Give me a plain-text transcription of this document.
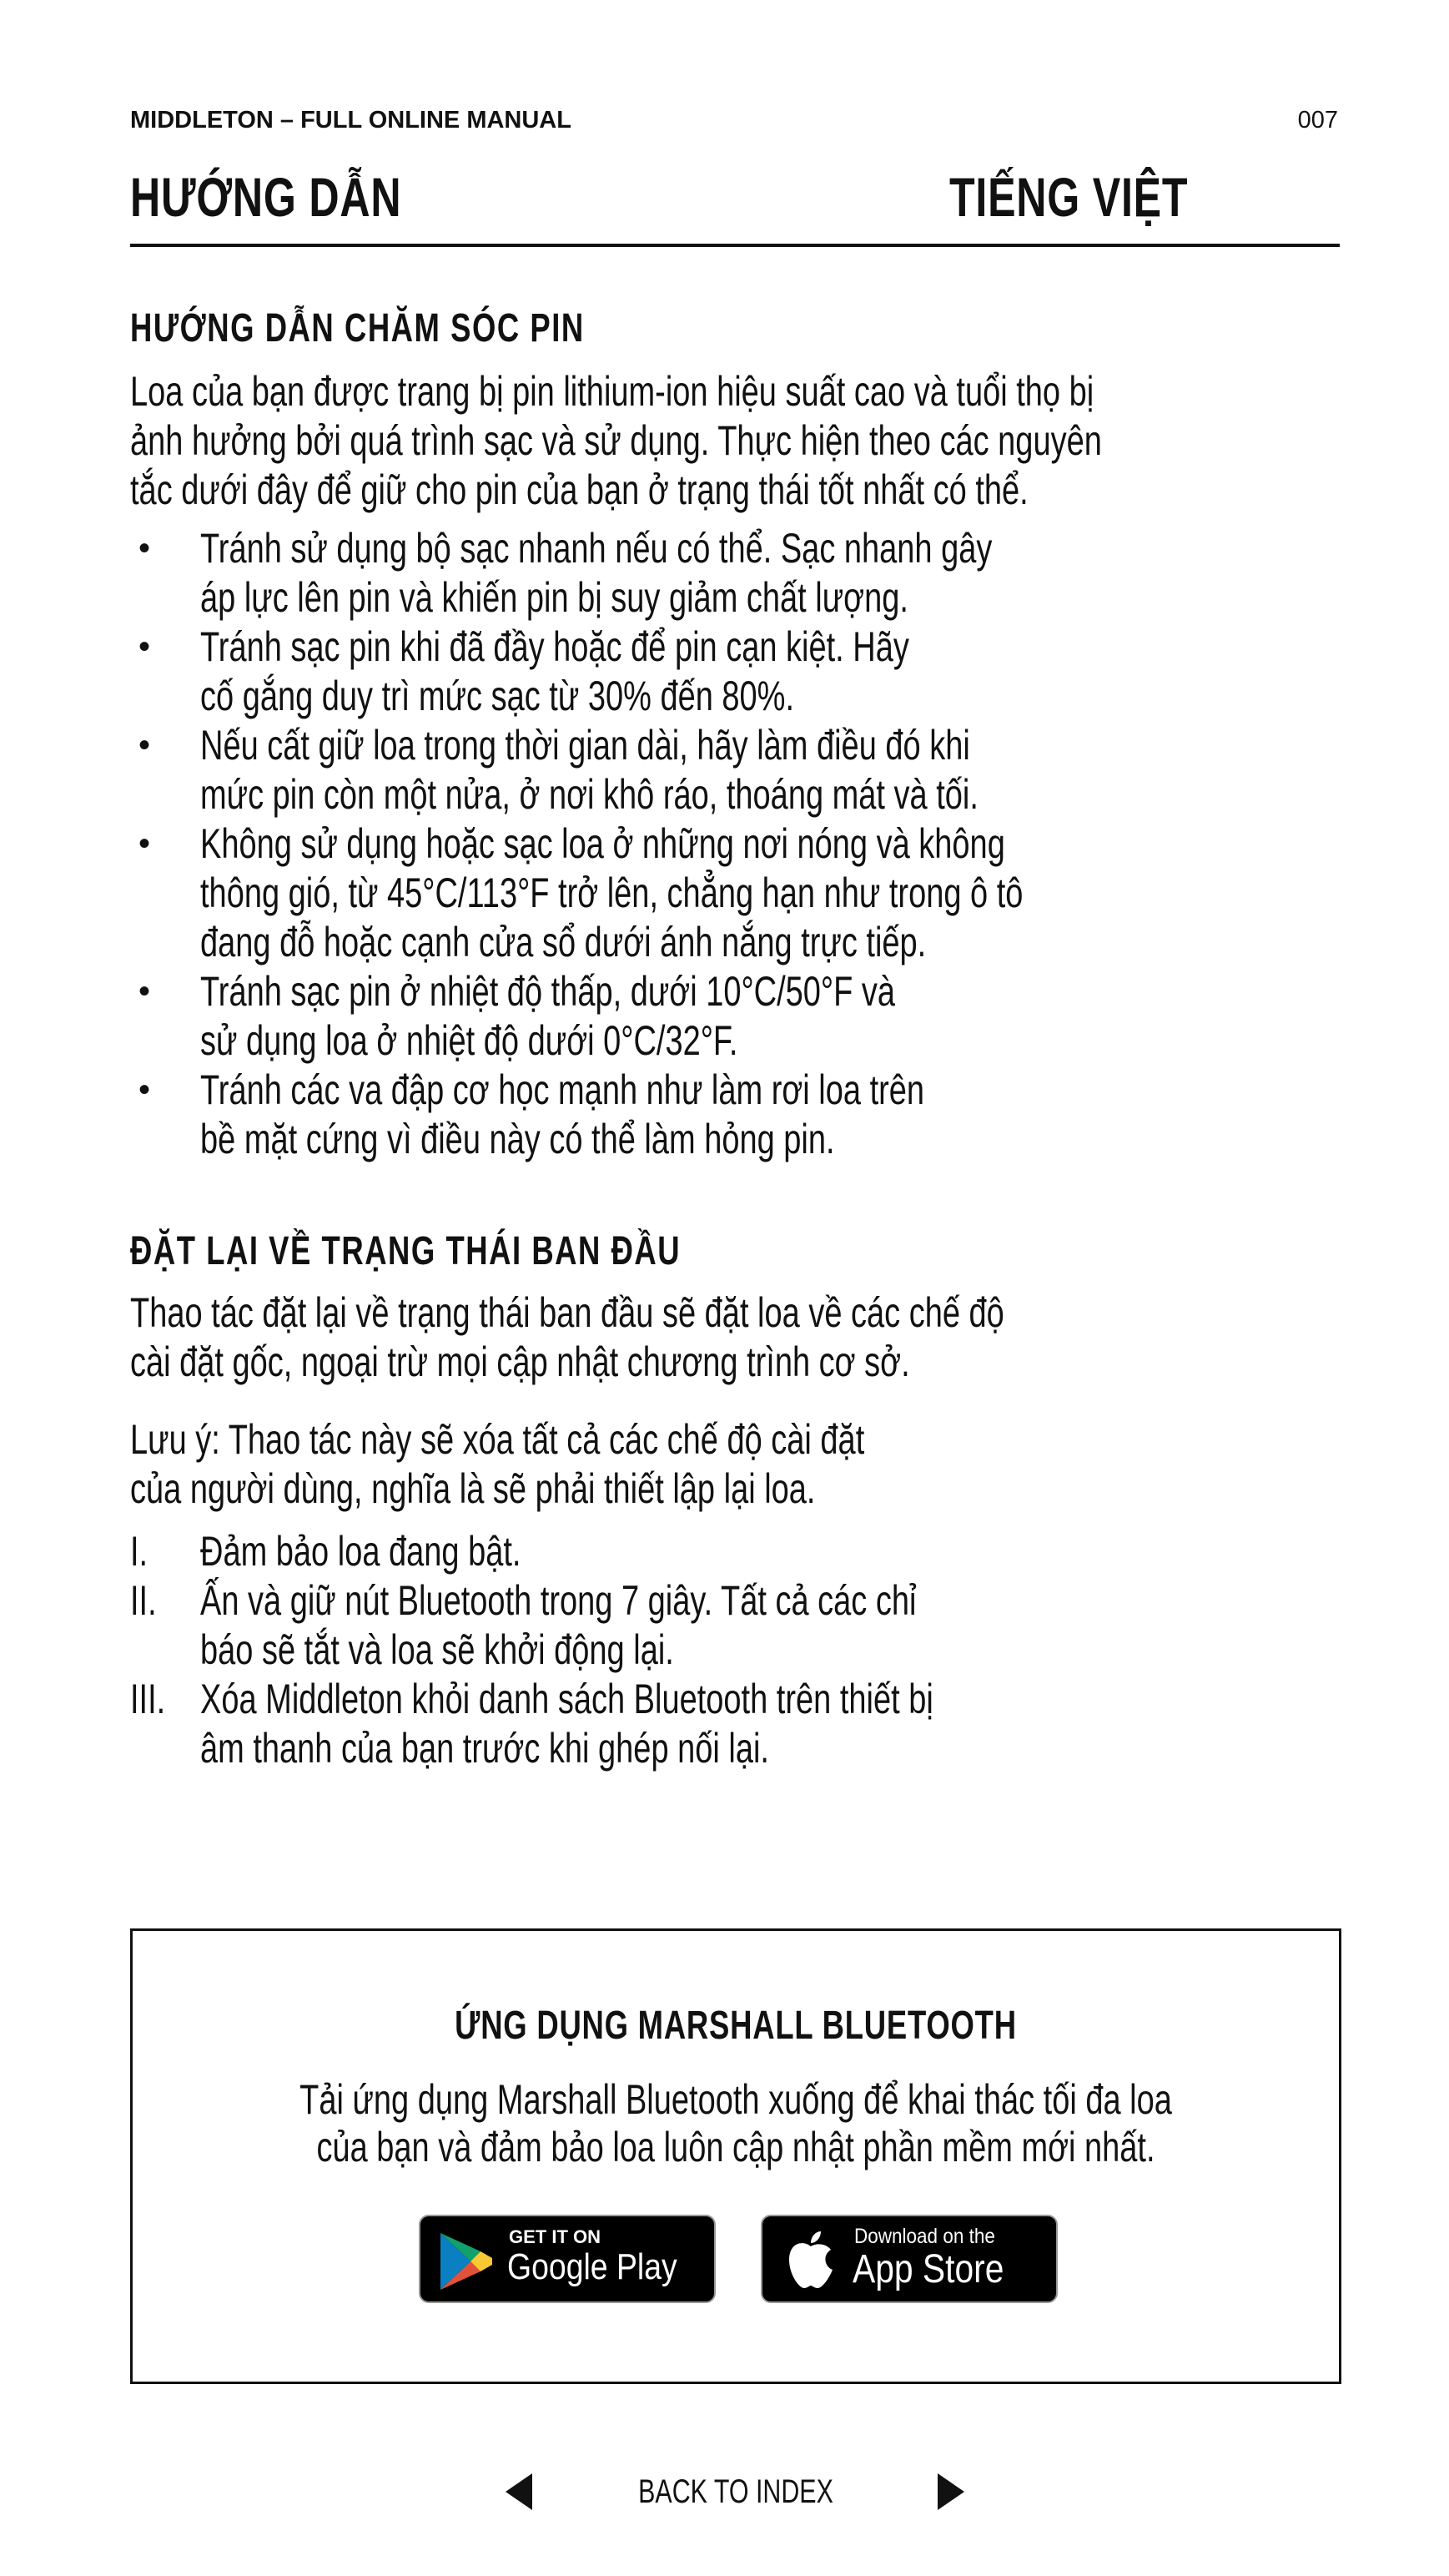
MIDDLETON – FULL ONLINE MANUAL	007
HƯỚNG DẪN	TIẾNG VIỆT
HƯỚNG DẪN CHĂM SÓC PIN
Loa của bạn được trang bị pin lithium-ion hiệu suất cao và tuổi thọ bị
ảnh hưởng bởi quá trình sạc và sử dụng. Thực hiện theo các nguyên
tắc dưới đây để giữ cho pin của bạn ở trạng thái tốt nhất có thể.
• Tránh sử dụng bộ sạc nhanh nếu có thể. Sạc nhanh gây
áp lực lên pin và khiến pin bị suy giảm chất lượng.
• Tránh sạc pin khi đã đầy hoặc để pin cạn kiệt. Hãy
cố gắng duy trì mức sạc từ 30% đến 80%.
• Nếu cất giữ loa trong thời gian dài, hãy làm điều đó khi
mức pin còn một nửa, ở nơi khô ráo, thoáng mát và tối.
• Không sử dụng hoặc sạc loa ở những nơi nóng và không
thông gió, từ 45°C/113°F trở lên, chẳng hạn như trong ô tô
đang đỗ hoặc cạnh cửa sổ dưới ánh nắng trực tiếp.
• Tránh sạc pin ở nhiệt độ thấp, dưới 10°C/50°F và
sử dụng loa ở nhiệt độ dưới 0°C/32°F.
• Tránh các va đập cơ học mạnh như làm rơi loa trên
bề mặt cứng vì điều này có thể làm hỏng pin.
ĐẶT LẠI VỀ TRẠNG THÁI BAN ĐẦU
Thao tác đặt lại về trạng thái ban đầu sẽ đặt loa về các chế độ
cài đặt gốc, ngoại trừ mọi cập nhật chương trình cơ sở.
Lưu ý: Thao tác này sẽ xóa tất cả các chế độ cài đặt
của người dùng, nghĩa là sẽ phải thiết lập lại loa.
I.	Đảm bảo loa đang bật.
II.	Ấn và giữ nút Bluetooth trong 7 giây. Tất cả các chỉ
báo sẽ tắt và loa sẽ khởi động lại.
III. Xóa Middleton khỏi danh sách Bluetooth trên thiết bị
âm thanh của bạn trước khi ghép nối lại.
ỨNG DỤNG MARSHALL BLUETOOTH
Tải ứng dụng Marshall Bluetooth xuống để khai thác tối đa loa
của bạn và đảm bảo loa luôn cập nhật phần mềm mới nhất.
GET IT ON
Google Play
Download on the
App Store
BACK TO INDEX
